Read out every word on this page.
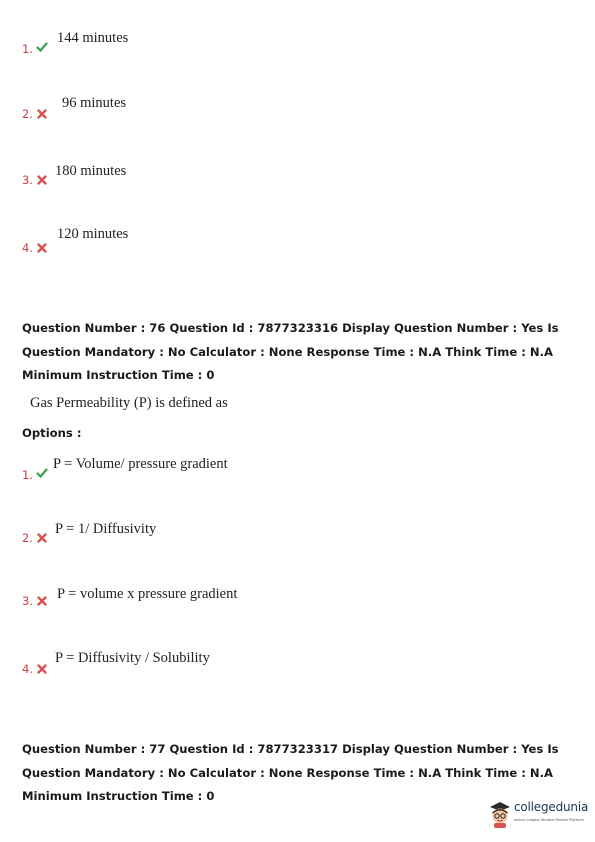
1.
144 minutes
2.
96 minutes
3.
180 minutes
4.
120 minutes
Question Number : 76 Question Id : 7877323316 Display Question Number : Yes Is Question Mandatory : No Calculator : None Response Time : N.A Think Time : N.A Minimum Instruction Time : 0
Gas Permeability (P) is defined as
Options :
1.
P = Volume/ pressure gradient
2.
P = 1/ Diffusivity
3. P = volume x pressure gradient
4.
P = Diffusivity / Solubility
Question Number : 77 Question Id : 7877323317 Display Question Number : Yes Is Question Mandatory : No Calculator : None Response Time : N.A Think Time : N.A Minimum Instruction Time : 0
collegedunia
India's Largest Student Review Platform
